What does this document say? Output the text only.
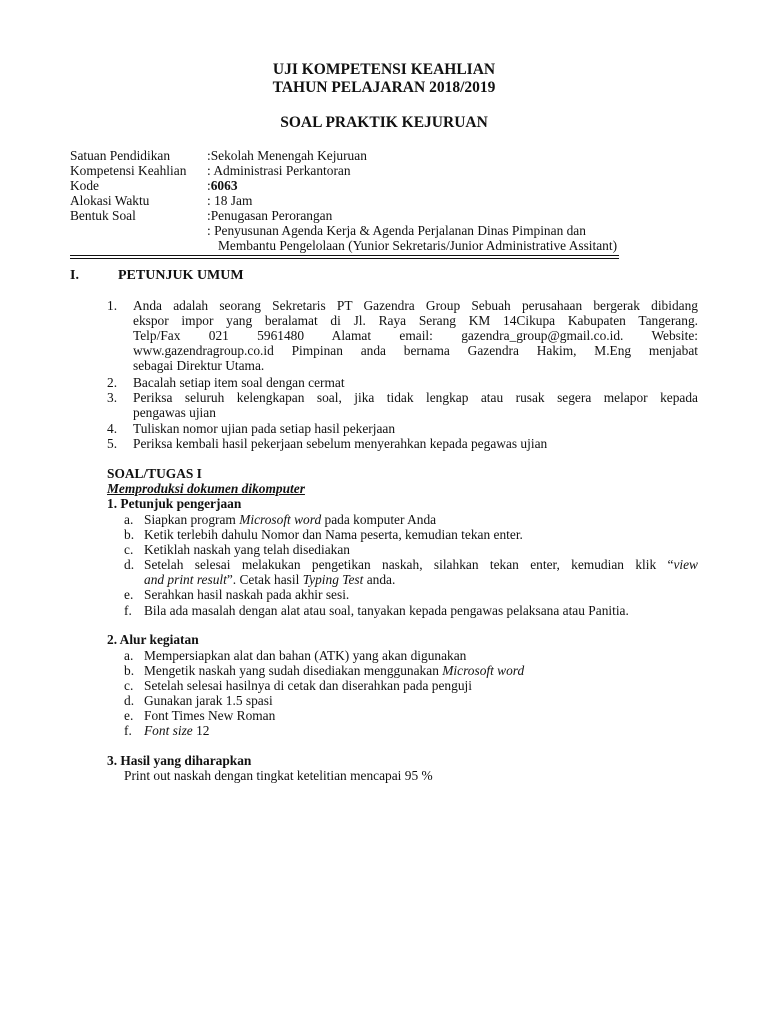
UJI KOMPETENSI KEAHLIAN
TAHUN PELAJARAN 2018/2019
SOAL PRAKTIK KEJURUAN
Satuan Pendidikan	:Sekolah Menengah Kejuruan
Kompetensi Keahlian : Administrasi Perkantoran
Kode	:6063
Alokasi Waktu	: 18 Jam
Bentuk Soal	:Penugasan Perorangan
: Penyusunan Agenda Kerja & Agenda Perjalanan Dinas Pimpinan dan
Membantu Pengelolaan (Yunior Sekretaris/Junior Administrative Assitant)
I.	PETUNJUK UMUM
1. Anda adalah seorang Sekretaris PT Gazendra Group Sebuah perusahaan bergerak dibidang
ekspor impor yang beralamat di Jl. Raya Serang KM 14Cikupa Kabupaten Tangerang.
Telp/Fax 021 5961480 Alamat email: gazendra_group@gmail.co.id. Website:
www.gazendragroup.co.id Pimpinan anda bernama Gazendra Hakim, M.Eng menjabat
sebagai Direktur Utama.
2. Bacalah setiap item soal dengan cermat
3. Periksa seluruh kelengkapan soal, jika tidak lengkap atau rusak segera melapor kepada
pengawas ujian
4. Tuliskan nomor ujian pada setiap hasil pekerjaan
5. Periksa kembali hasil pekerjaan sebelum menyerahkan kepada pegawas ujian
SOAL/TUGAS I
Memproduksi dokumen dikomputer
1. Petunjuk pengerjaan
a. Siapkan program Microsoft word pada komputer Anda
b. Ketik terlebih dahulu Nomor dan Nama peserta, kemudian tekan enter.
c. Ketiklah naskah yang telah disediakan
d. Setelah selesai melakukan pengetikan naskah, silahkan tekan enter, kemudian klik “view
and print result”. Cetak hasil Typing Test anda.
e. Serahkan hasil naskah pada akhir sesi.
f. Bila ada masalah dengan alat atau soal, tanyakan kepada pengawas pelaksana atau Panitia.
2. Alur kegiatan
a. Mempersiapkan alat dan bahan (ATK) yang akan digunakan
b. Mengetik naskah yang sudah disediakan menggunakan Microsoft word
c. Setelah selesai hasilnya di cetak dan diserahkan pada penguji
d. Gunakan jarak 1.5 spasi
e. Font Times New Roman
f. Font size 12
3. Hasil yang diharapkan
Print out naskah dengan tingkat ketelitian mencapai 95 %
